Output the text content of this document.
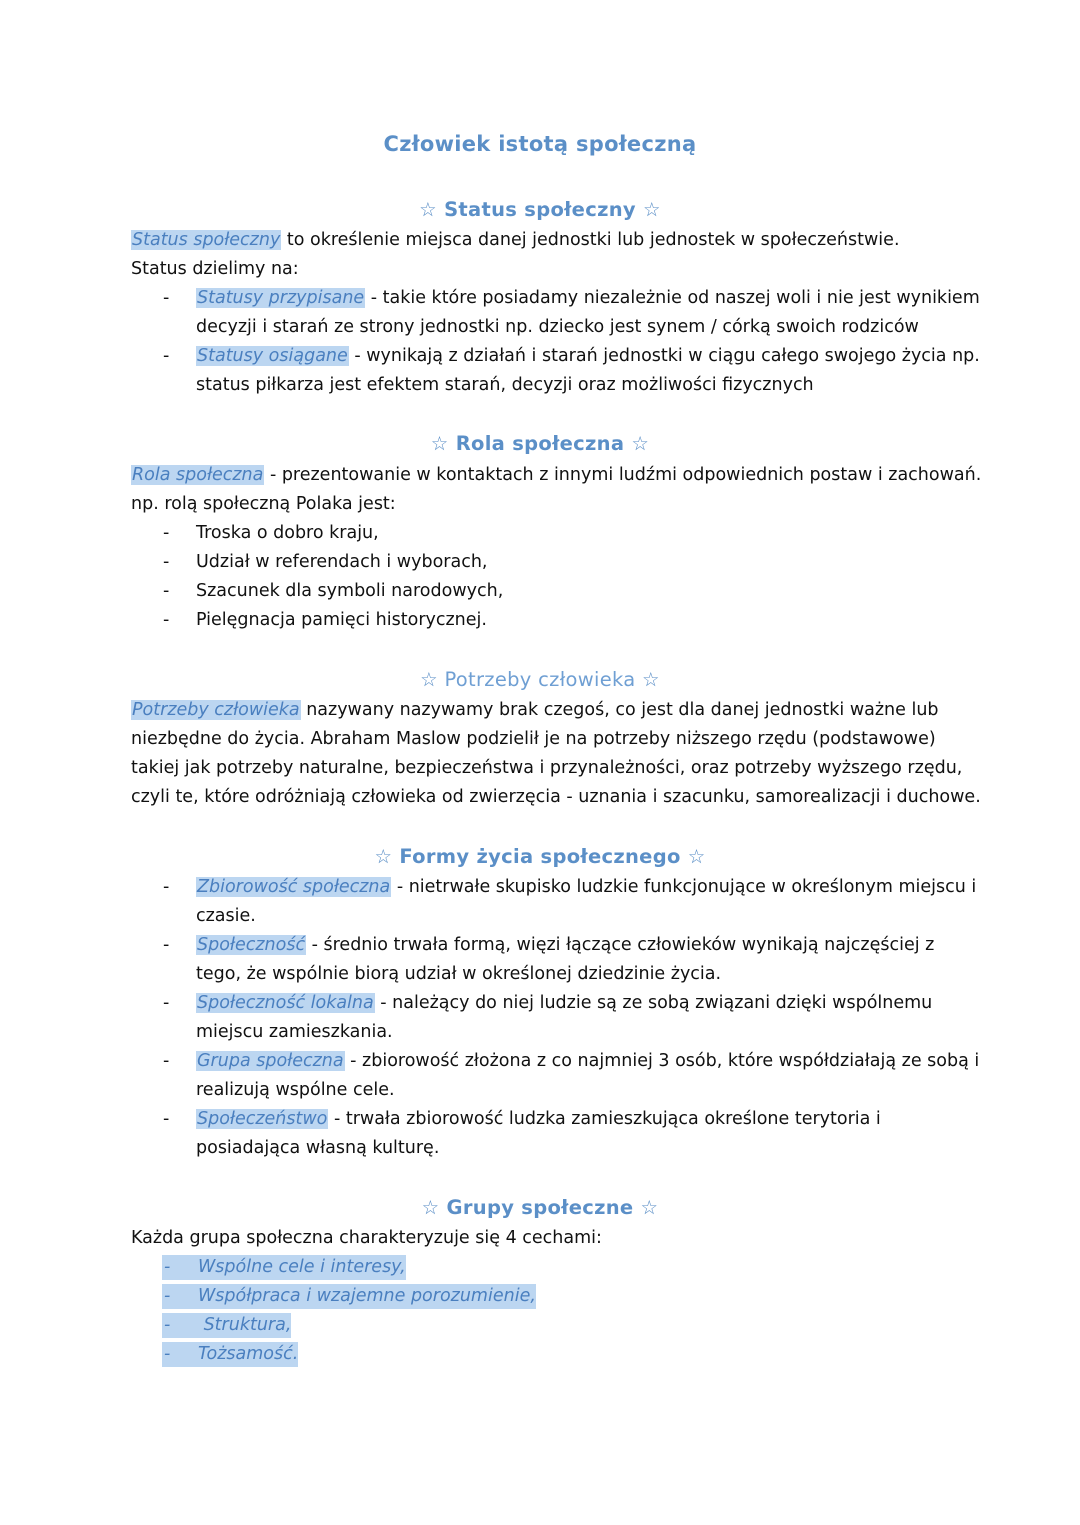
Człowiek istotą społeczną
☆ Status społeczny ☆
Status społeczny to określenie miejsca danej jednostki lub jednostek w społeczeństwie.
Status dzielimy na:
- Statusy przypisane - takie które posiadamy niezależnie od naszej woli i nie jest wynikiem
decyzji i starań ze strony jednostki np. dziecko jest synem / córką swoich rodziców
- Statusy osiągane - wynikają z działań i starań jednostki w ciągu całego swojego życia np.
status piłkarza jest efektem starań, decyzji oraz możliwości fizycznych
☆ Rola społeczna ☆
Rola społeczna - prezentowanie w kontaktach z innymi ludźmi odpowiednich postaw i zachowań.
np. rolą społeczną Polaka jest:
- Troska o dobro kraju,
- Udział w referendach i wyborach,
- Szacunek dla symboli narodowych,
- Pielęgnacja pamięci historycznej.
☆ Potrzeby człowieka ☆
Potrzeby człowieka nazywany nazywamy brak czegoś, co jest dla danej jednostki ważne lub
niezbędne do życia. Abraham Maslow podzielił je na potrzeby niższego rzędu (podstawowe)
takiej jak potrzeby naturalne, bezpieczeństwa i przynależności, oraz potrzeby wyższego rzędu,
czyli te, które odróżniają człowieka od zwierzęcia - uznania i szacunku, samorealizacji i duchowe.
☆ Formy życia społecznego ☆
- Zbiorowość społeczna - nietrwałe skupisko ludzkie funkcjonujące w określonym miejscu i
czasie.
- Społeczność - średnio trwała formą, więzi łączące człowieków wynikają najczęściej z
tego, że wspólnie biorą udział w określonej dziedzinie życia.
- Społeczność lokalna - należący do niej ludzie są ze sobą związani dzięki wspólnemu
miejscu zamieszkania.
- Grupa społeczna - zbiorowość złożona z co najmniej 3 osób, które współdziałają ze sobą i
realizują wspólne cele.
- Społeczeństwo - trwała zbiorowość ludzka zamieszkująca określone terytoria i
posiadająca własną kulturę.
☆ Grupy społeczne ☆
Każda grupa społeczna charakteryzuje się 4 cechami:
- Wspólne cele i interesy,
- Współpraca i wzajemne porozumienie,
- Struktura,
- Tożsamość.
